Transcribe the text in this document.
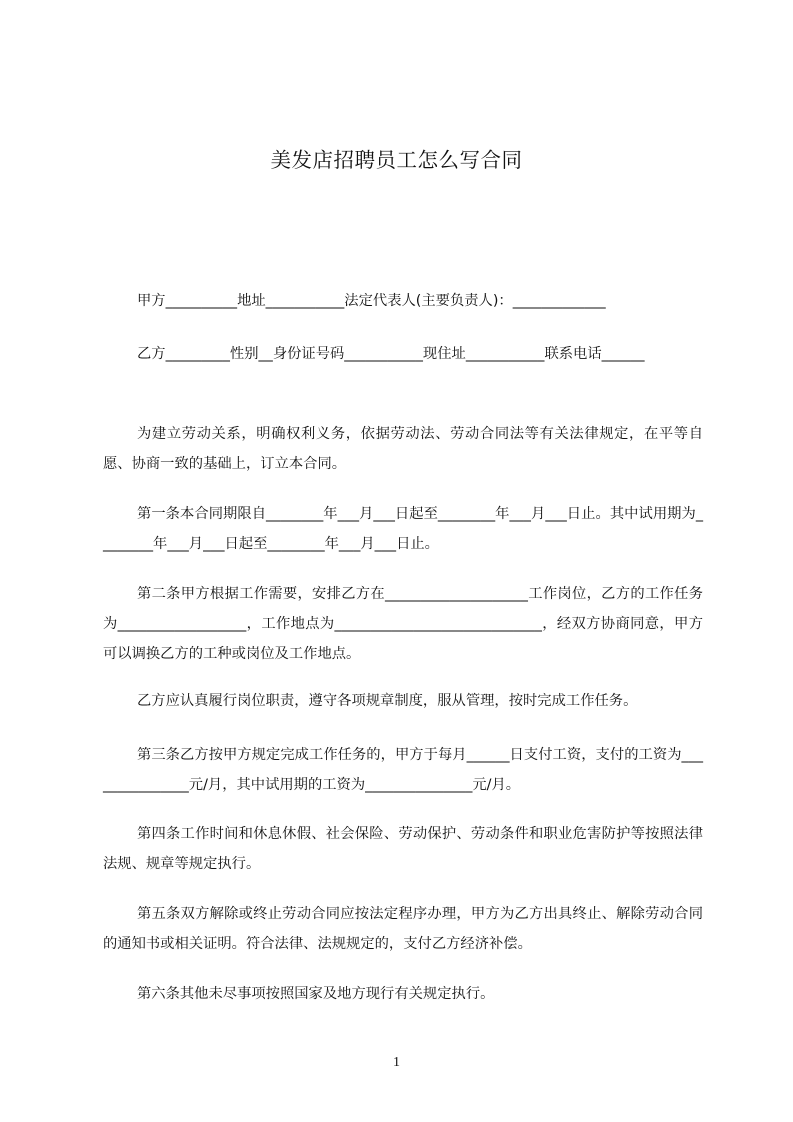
美发店招聘员工怎么写合同

甲方__________地址___________法定代表人(主要负责人)：_____________

乙方_________性别__身份证号码___________现住址___________联系电话______

为建立劳动关系，明确权利义务，依据劳动法、劳动合同法等有关法律规定，在平等自愿、协商一致的基础上，订立本合同。

第一条本合同期限自________年___月___日起至________年___月___日止。其中试用期为________年___月___日起至________年___月___日止。

第二条甲方根据工作需要，安排乙方在____________________工作岗位，乙方的工作任务为__________________，工作地点为_____________________________，经双方协商同意，甲方可以调换乙方的工种或岗位及工作地点。

乙方应认真履行岗位职责，遵守各项规章制度，服从管理，按时完成工作任务。

第三条乙方按甲方规定完成工作任务的，甲方于每月______日支付工资，支付的工资为_______________元/月，其中试用期的工资为_______________元/月。

第四条工作时间和休息休假、社会保险、劳动保护、劳动条件和职业危害防护等按照法律法规、规章等规定执行。

第五条双方解除或终止劳动合同应按法定程序办理，甲方为乙方出具终止、解除劳动合同的通知书或相关证明。符合法律、法规规定的，支付乙方经济补偿。

第六条其他未尽事项按照国家及地方现行有关规定执行。

1
